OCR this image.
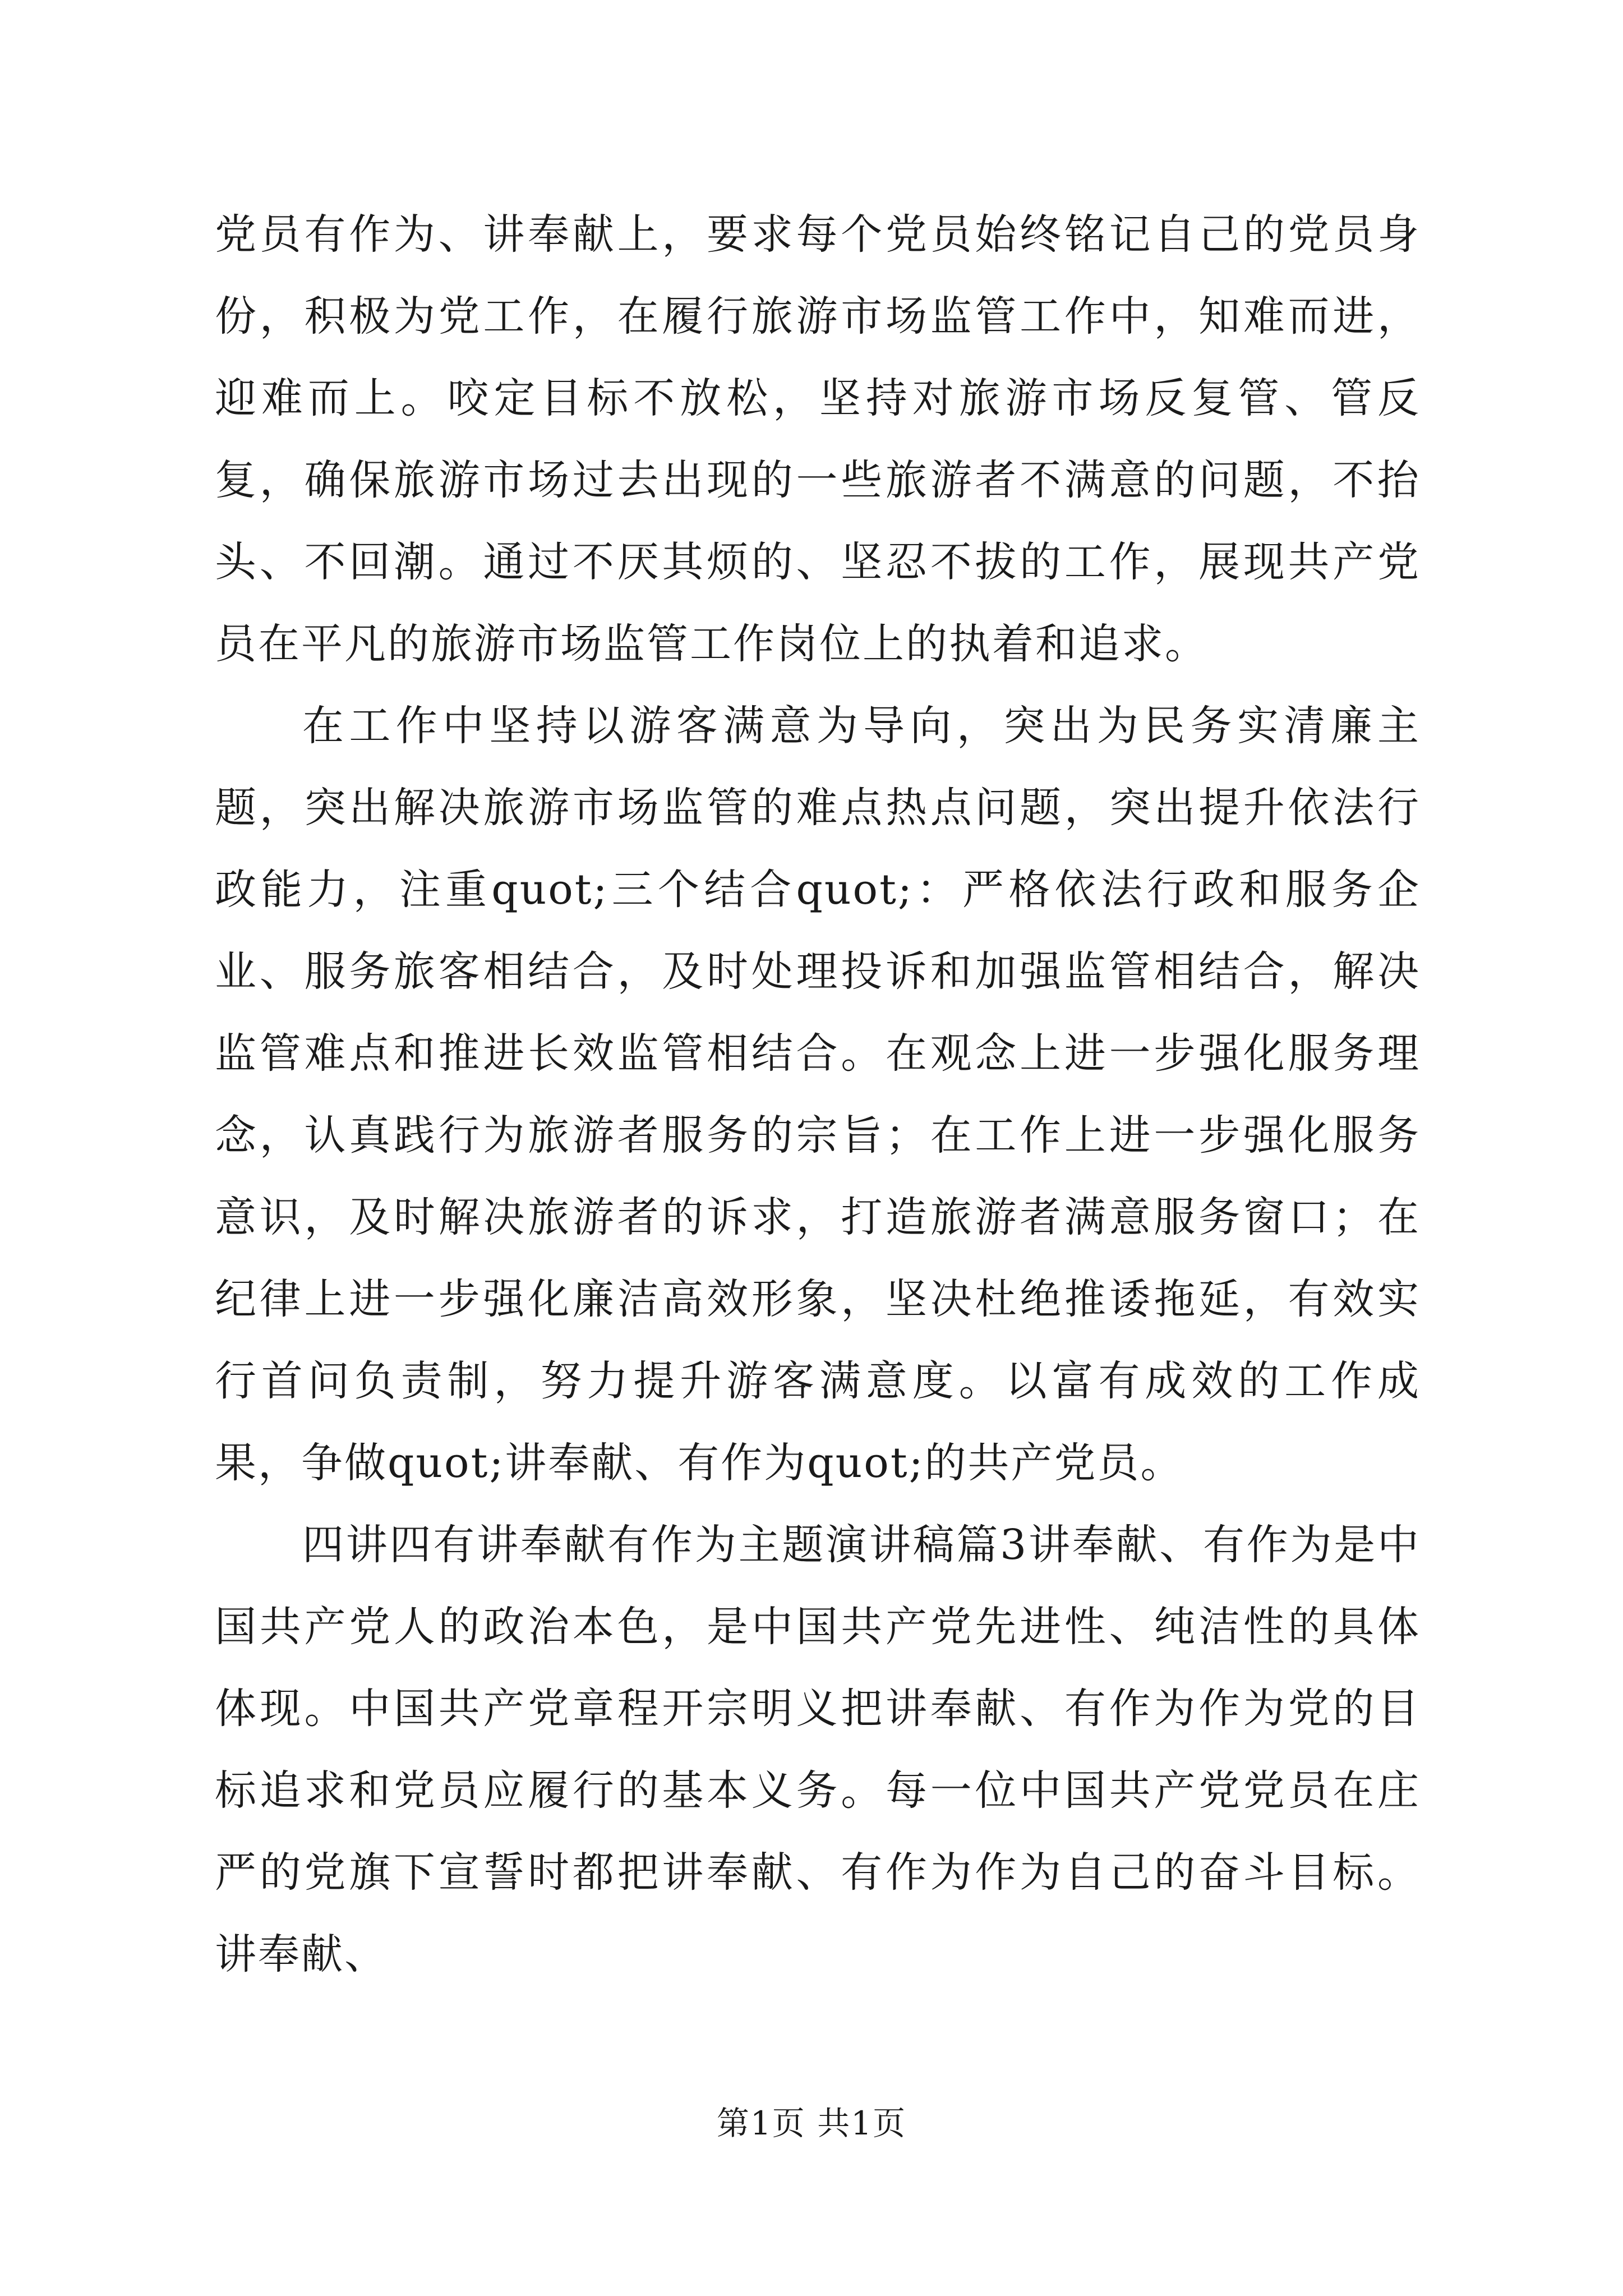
党员有作为、讲奉献上，要求每个党员始终铭记自己的党员身份，积极为党工作，在履行旅游市场监管工作中，知难而进，迎难而上。咬定目标不放松，坚持对旅游市场反复管、管反复，确保旅游市场过去出现的一些旅游者不满意的问题，不抬头、不回潮。通过不厌其烦的、坚忍不拔的工作，展现共产党员在平凡的旅游市场监管工作岗位上的执着和追求。

在工作中坚持以游客满意为导向，突出为民务实清廉主题，突出解决旅游市场监管的难点热点问题，突出提升依法行政能力，注重quot;三个结合quot;：严格依法行政和服务企业、服务旅客相结合，及时处理投诉和加强监管相结合，解决监管难点和推进长效监管相结合。在观念上进一步强化服务理念，认真践行为旅游者服务的宗旨；在工作上进一步强化服务意识，及时解决旅游者的诉求，打造旅游者满意服务窗口；在纪律上进一步强化廉洁高效形象，坚决杜绝推诿拖延，有效实行首问负责制，努力提升游客满意度。以富有成效的工作成果，争做quot;讲奉献、有作为quot;的共产党员。

四讲四有讲奉献有作为主题演讲稿篇3讲奉献、有作为是中国共产党人的政治本色，是中国共产党先进性、纯洁性的具体体现。中国共产党章程开宗明义把讲奉献、有作为作为党的目标追求和党员应履行的基本义务。每一位中国共产党党员在庄严的党旗下宣誓时都把讲奉献、有作为作为自己的奋斗目标。讲奉献、

第1页 共1页
